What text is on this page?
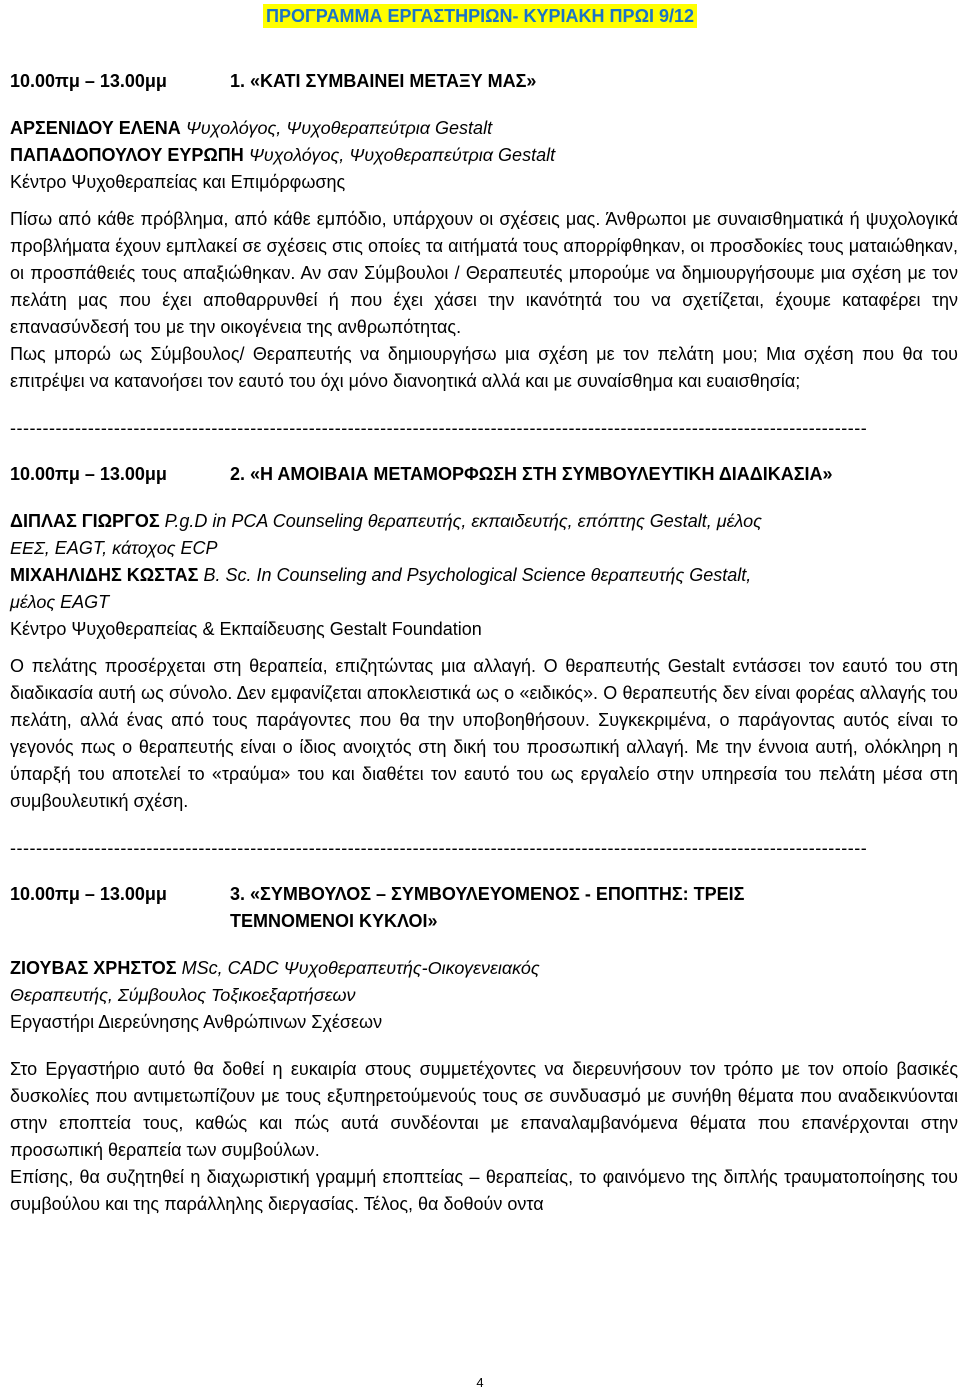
ΠΡΟΓΡΑΜΜΑ ΕΡΓΑΣΤΗΡΙΩΝ- ΚΥΡΙΑΚΗ ΠΡΩΙ 9/12
10.00πμ – 13.00μμ	1. «ΚΑΤΙ ΣΥΜΒΑΙΝΕΙ ΜΕΤΑΞΥ ΜΑΣ»
ΑΡΣΕΝΙΔΟΥ ΕΛΕΝΑ Ψυχολόγος, Ψυχοθεραπεύτρια Gestalt
ΠΑΠΑΔΟΠΟΥΛΟΥ ΕΥΡΩΠΗ Ψυχολόγος, Ψυχοθεραπεύτρια Gestalt
Κέντρο Ψυχοθεραπείας και Επιμόρφωσης

Πίσω από κάθε πρόβλημα, από κάθε εμπόδιο, υπάρχουν οι σχέσεις μας. Άνθρωποι με συναισθηματικά ή ψυχολογικά προβλήματα έχουν εμπλακεί σε σχέσεις στις οποίες τα αιτήματά τους απορρίφθηκαν, οι προσδοκίες τους ματαιώθηκαν, οι προσπάθειές τους απαξιώθηκαν. Αν σαν Σύμβουλοι / Θεραπευτές μπορούμε να δημιουργήσουμε μια σχέση με τον πελάτη μας που έχει αποθαρρυνθεί ή που έχει χάσει την ικανότητά του να σχετίζεται, έχουμε καταφέρει την επανασύνδεσή του με την οικογένεια της ανθρωπότητας.

Πως μπορώ ως Σύμβουλος/ Θεραπευτής να δημιουργήσω μια σχέση με τον πελάτη μου; Μια σχέση που θα του επιτρέψει να κατανοήσει τον εαυτό του όχι μόνο διανοητικά αλλά και με συναίσθημα και ευαισθησία;

------------------------------------------------------------------------------------------------------------------------------------
10.00πμ – 13.00μμ	2. «Η ΑΜΟΙΒΑΙΑ ΜΕΤΑΜΟΡΦΩΣΗ ΣΤΗ ΣΥΜΒΟΥΛΕΥΤΙΚΗ ΔΙΑΔΙΚΑΣΙΑ»
ΔΙΠΛΑΣ ΓΙΩΡΓΟΣ P.g.D in PCA Counseling θεραπευτής, εκπαιδευτής, επόπτης Gestalt, μέλος
ΕΕΣ, EAGT, κάτοχος ECP
ΜΙΧΑΗΛΙΔΗΣ ΚΩΣΤΑΣ B. Sc. In Counseling and Psychological Science θεραπευτής Gestalt,
μέλος EAGT
Κέντρο Ψυχοθεραπείας & Εκπαίδευσης Gestalt Foundation

Ο πελάτης προσέρχεται στη θεραπεία, επιζητώντας μια αλλαγή. Ο θεραπευτής Gestalt εντάσσει τον εαυτό του στη διαδικασία αυτή ως σύνολο. Δεν εμφανίζεται αποκλειστικά ως ο «ειδικός». Ο θεραπευτής δεν είναι φορέας αλλαγής του πελάτη, αλλά ένας από τους παράγοντες που θα την υποβοηθήσουν. Συγκεκριμένα, ο παράγοντας αυτός είναι το γεγονός πως ο θεραπευτής είναι ο ίδιος ανοιχτός στη δική του προσωπική αλλαγή. Με την έννοια αυτή, ολόκληρη η ύπαρξή του αποτελεί το «τραύμα» του και διαθέτει τον εαυτό του ως εργαλείο στην υπηρεσία του πελάτη μέσα στη συμβουλευτική σχέση.

------------------------------------------------------------------------------------------------------------------------------------
10.00πμ – 13.00μμ	3. «ΣΥΜΒΟΥΛΟΣ – ΣΥΜΒΟΥΛΕΥΟΜΕΝΟΣ - ΕΠΟΠΤΗΣ: ΤΡΕΙΣ
ΤΕΜΝΟΜΕΝΟΙ ΚΥΚΛΟΙ»
ΖΙΟΥΒΑΣ ΧΡΗΣΤΟΣ MSc, CADC Ψυχοθεραπευτής-Οικογενειακός
Θεραπευτής, Σύμβουλος Τοξικοεξαρτήσεων
Εργαστήρι Διερεύνησης Ανθρώπινων Σχέσεων

Στο Εργαστήριο αυτό θα δοθεί η ευκαιρία στους συμμετέχοντες να διερευνήσουν τον τρόπο με τον οποίο βασικές δυσκολίες που αντιμετωπίζουν με τους εξυπηρετούμενούς τους σε συνδυασμό με συνήθη θέματα που αναδεικνύονται στην εποπτεία τους, καθώς και πώς αυτά συνδέονται με επαναλαμβανόμενα θέματα που επανέρχονται στην προσωπική θεραπεία των συμβούλων.

Επίσης, θα συζητηθεί η διαχωριστική γραμμή εποπτείας – θεραπείας, το φαινόμενο της διπλής τραυματοποίησης του συμβούλου και της παράλληλης διεργασίας. Τέλος, θα δοθούν οντα

4
